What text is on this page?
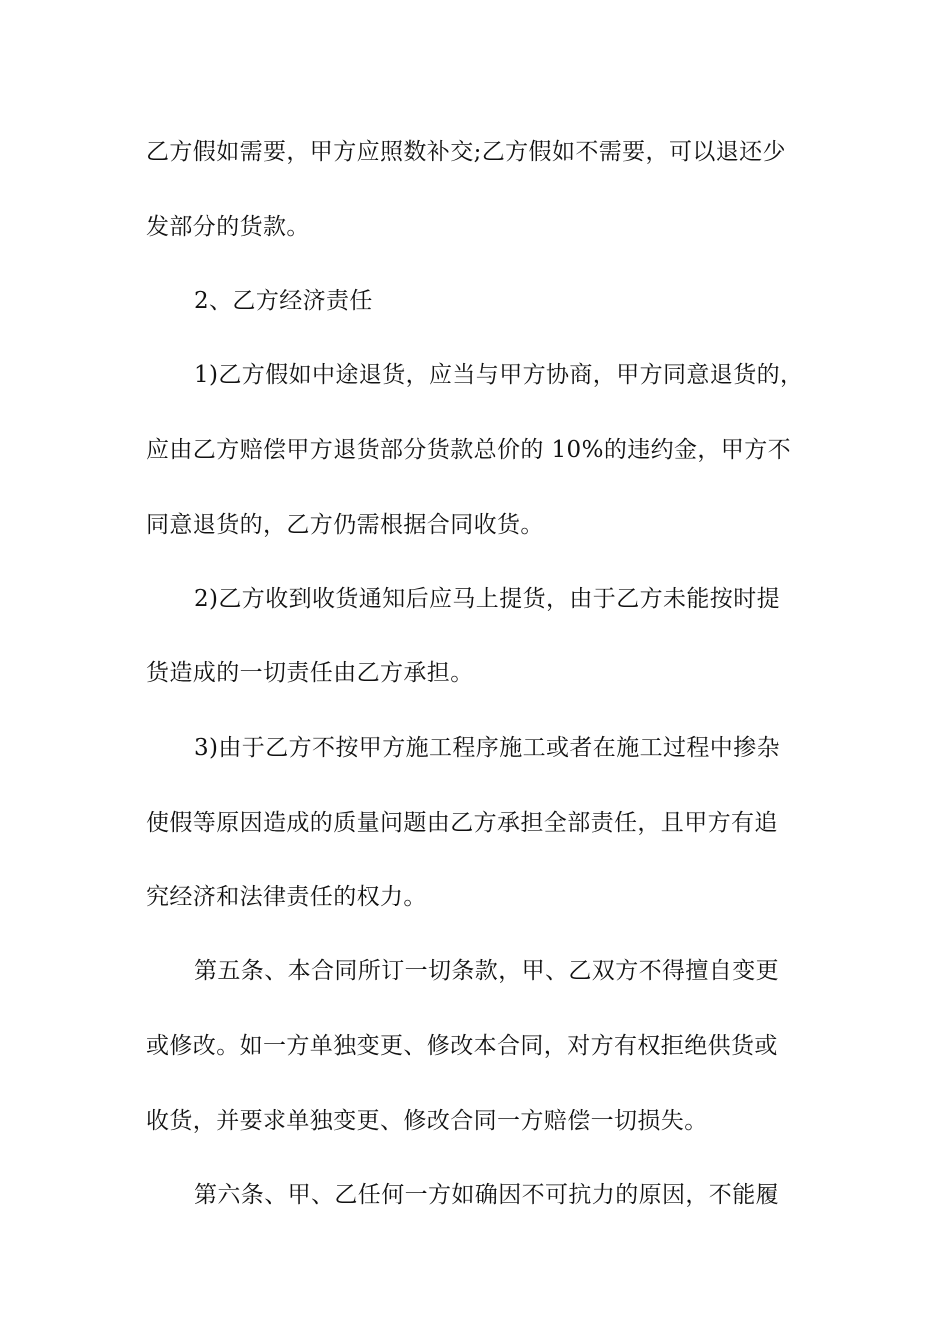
乙方假如需要，甲方应照数补交;乙方假如不需要，可以退还少

发部分的货款。

2、乙方经济责任

1)乙方假如中途退货，应当与甲方协商，甲方同意退货的，

应由乙方赔偿甲方退货部分货款总价的 10%的违约金，甲方不

同意退货的，乙方仍需根据合同收货。

2)乙方收到收货通知后应马上提货，由于乙方未能按时提

货造成的一切责任由乙方承担。

3)由于乙方不按甲方施工程序施工或者在施工过程中掺杂

使假等原因造成的质量问题由乙方承担全部责任，且甲方有追

究经济和法律责任的权力。

第五条、本合同所订一切条款，甲、乙双方不得擅自变更

或修改。如一方单独变更、修改本合同，对方有权拒绝供货或

收货，并要求单独变更、修改合同一方赔偿一切损失。

第六条、甲、乙任何一方如确因不可抗力的原因，不能履
